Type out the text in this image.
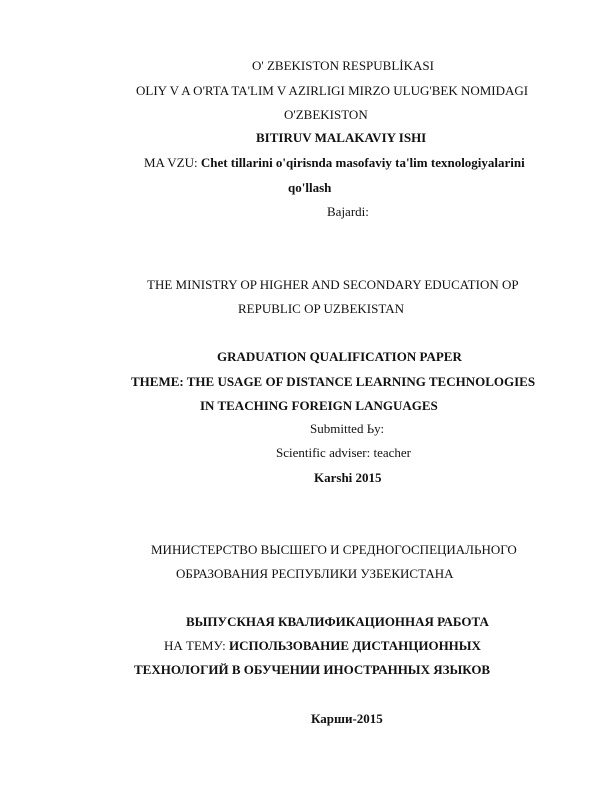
O' ZBEKISTON RESPUBLİKASI
OLIY V A O'RTA TA'LIM V AZIRLIGI MIRZO ULUG'BEK NOMIDAGI
O'ZBEKISTON
BITIRUV MALAKAVIY ISHI
MA VZU: Chet tillarini o'qirisnda masofaviy ta'lim texnologiyalarini
qo'llash
Bajardi:
THE MINISTRY OP HIGHER AND SECONDARY EDUCATION OP
REPUBLIC OP UZBEKISTAN
GRADUATION QUALIFICATION PAPER
THEME: THE USAGE OF DISTANCE LEARNING TECHNOLOGIES
IN TEACHING FOREIGN LANGUAGES
Submitted Ьу:
Scientific adviser: teacher
Karshi 2015
МИНИСТЕРСТВО ВЫСШЕГО И СРЕДНОГОСПЕЦИАЛЬНОГО
ОБРАЗОВАНИЯ РЕСПУБЛИКИ УЗБЕКИСТАНА
ВЫПУСКНАЯ КВАЛИФИКАЦИОННАЯ РАБОТА
НА ТЕМУ: ИСПОЛЬЗОВАНИЕ ДИСТАНЦИОННЫХ
ТЕХНОЛОГИЙ В ОБУЧЕНИИ ИНОСТРАННЫХ ЯЗЫКОВ
Карши-2015
